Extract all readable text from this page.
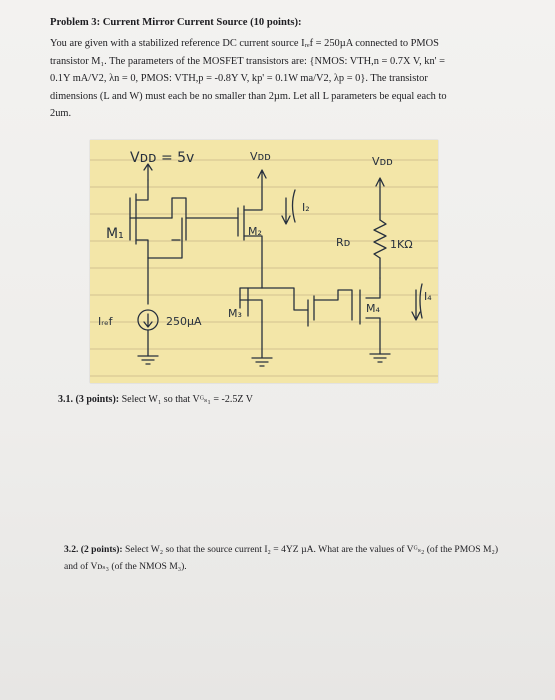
Problem 3: Current Mirror Current Source (10 points):
You are given with a stabilized reference DC current source Iᵣₑf = 250µA connected to PMOS
transistor M₁. The parameters of the MOSFET transistors are: {NMOS: VTH,n = 0.7X V, kn' =
0.1Y mA/V2, λn = 0, PMOS: VTH,p = -0.8Y V, kp' = 0.1W ma/V2, λp = 0}. The transistor
dimensions (L and W) must each be no smaller than 2µm. Let all L parameters be equal each to
2um.
Vᴅᴅ = 5v	Vᴅᴅ	Vᴅᴅ
M₁	M₂
I₂
Rᴅ	1KΩ
M₃	M₄
I₄
Iᵣₑf	250µA
3.1. (3 points): Select W₁ so that Vᴳₛ₁ = -2.5Z V
3.2. (2 points): Select W₂ so that the source current I₂ = 4YZ µA. What are the values of Vᴳₛ₂ (of the PMOS M₂) and of Vᴅₛ₃ (of the NMOS M₃).
